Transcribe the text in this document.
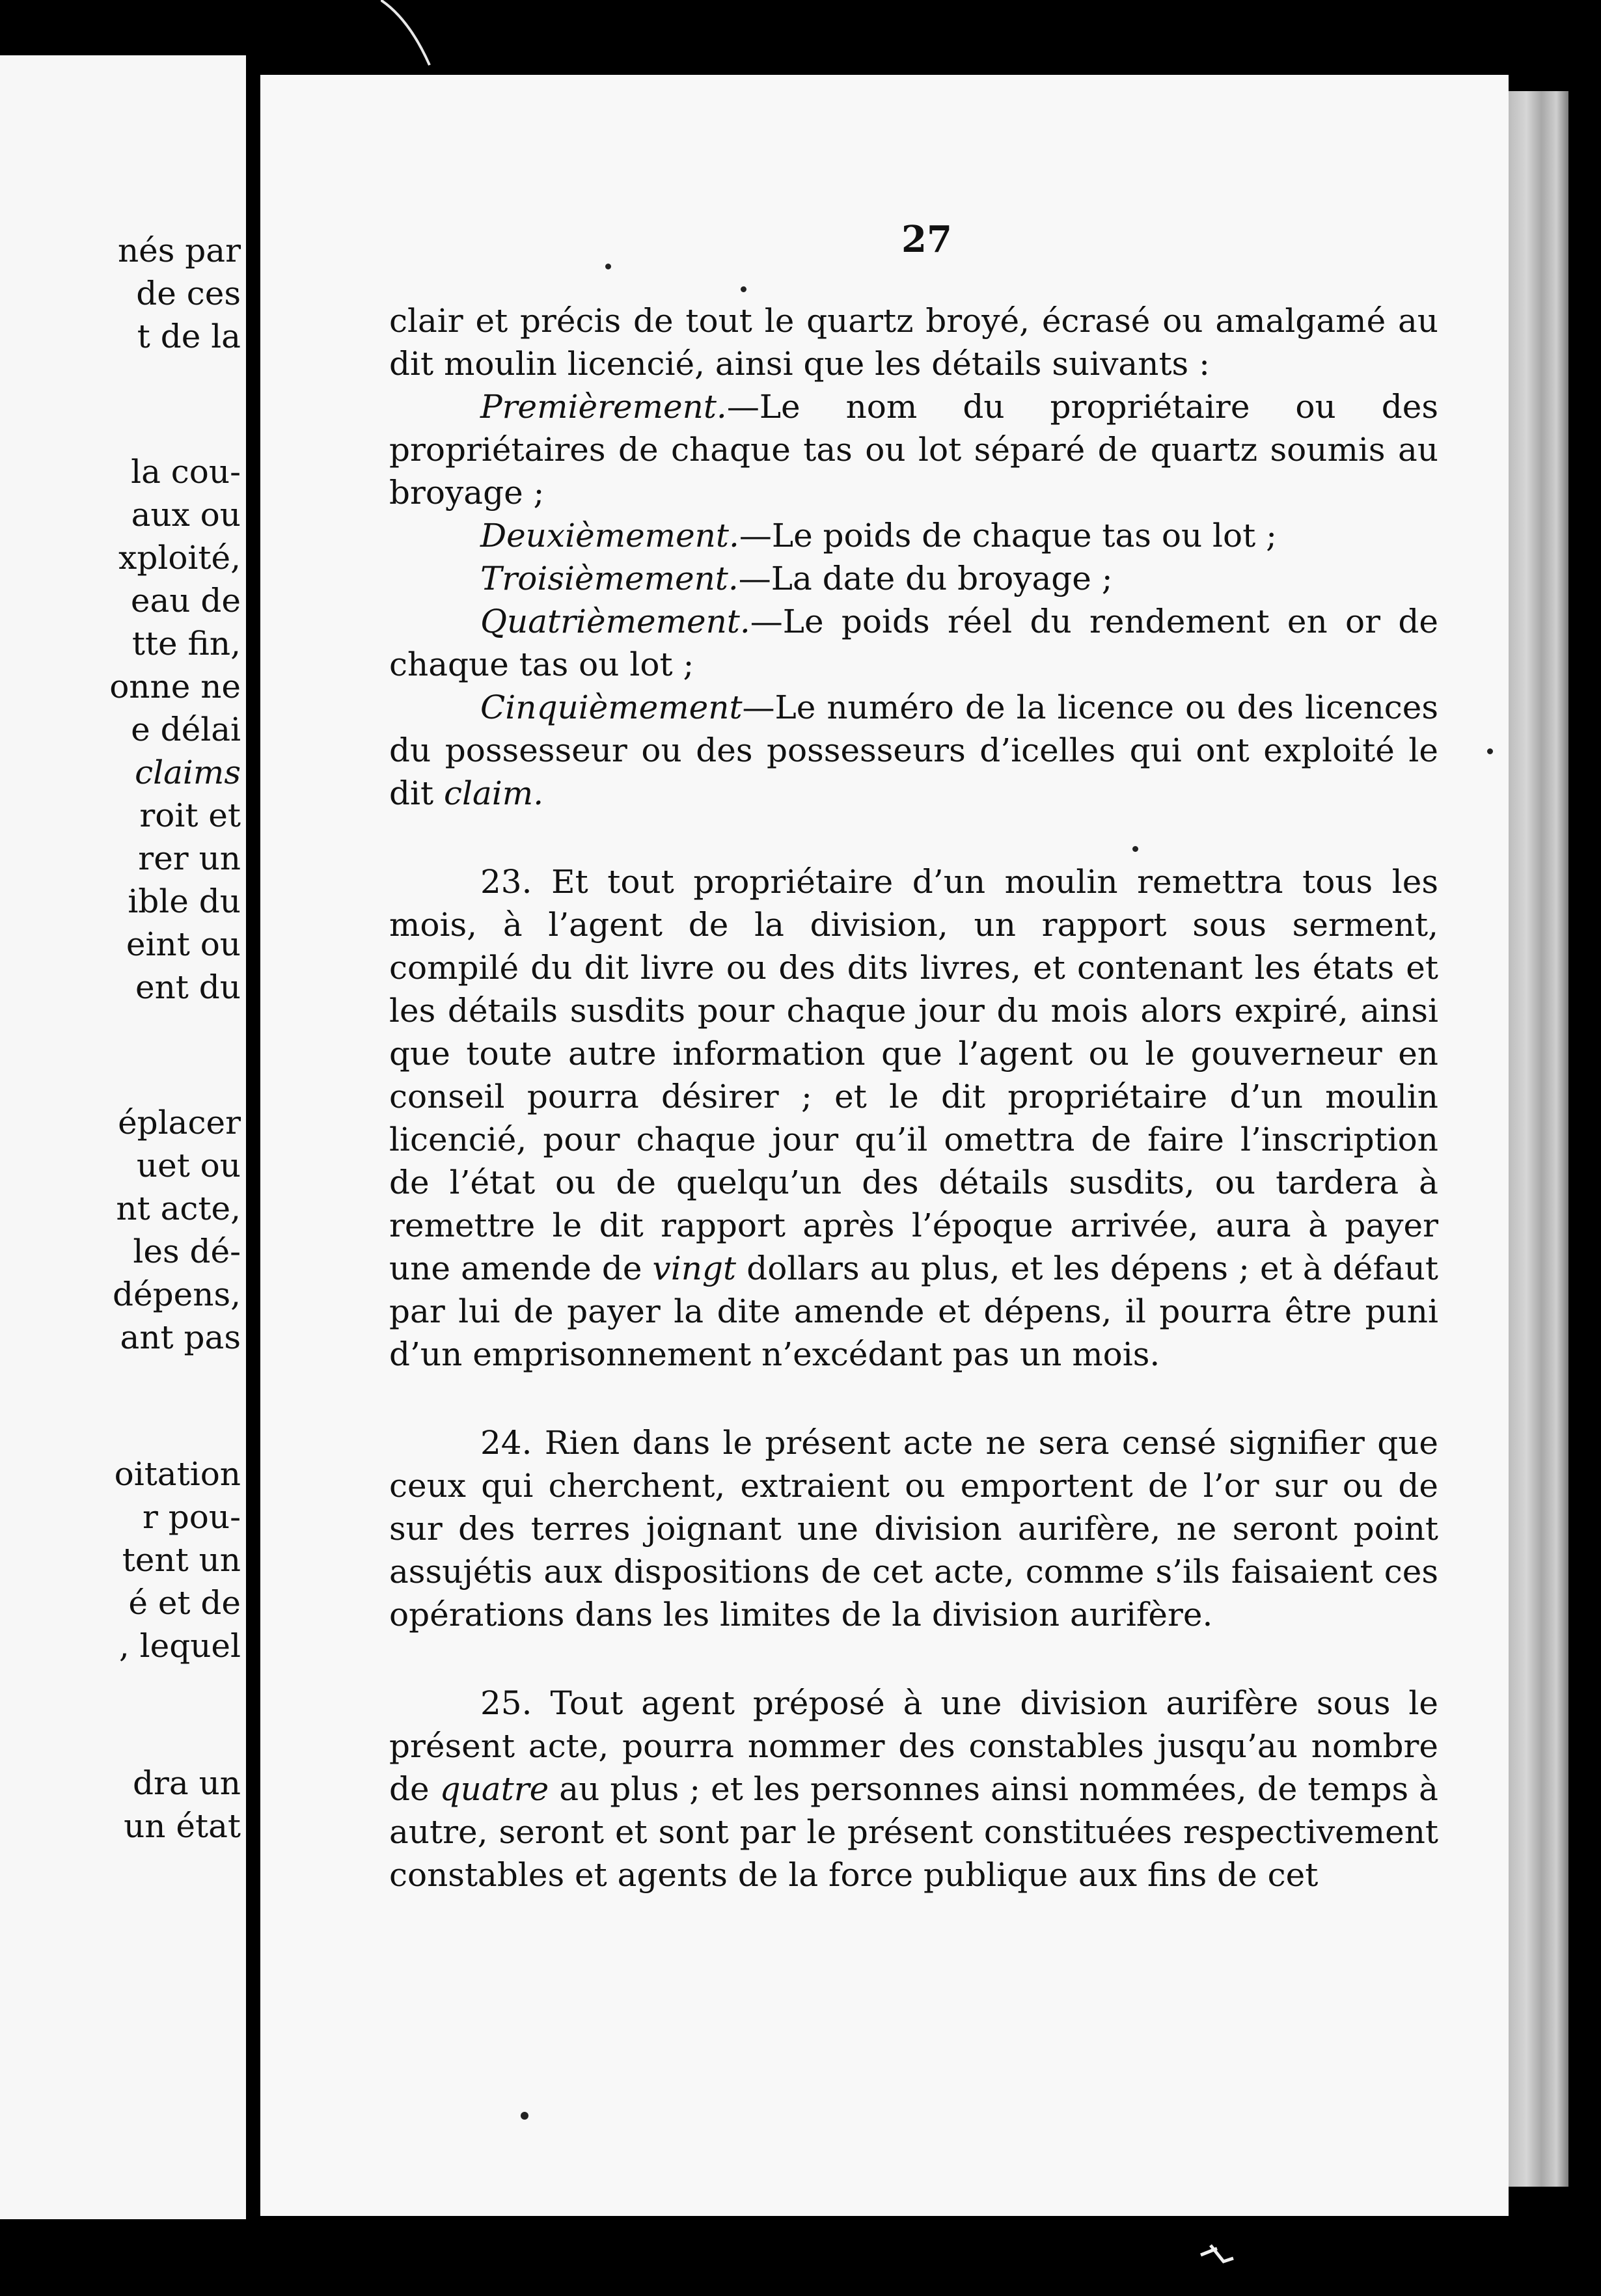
nés par
de ces
t de la
la cou-
aux ou
xploité,
eau de
tte fin,
onne ne
e délai
claims
roit et
rer un
ible du
eint ou
ent du
éplacer
uet ou
nt acte,
les dé-
dépens,
ant pas
oitation
r pou-
tent un
é et de
, lequel
dra un
un état
27

clair et précis de tout le quartz broyé, écrasé ou amalgamé au dit moulin licencié, ainsi que les détails suivants :

Premièrement.—Le nom du propriétaire ou des propriétaires de chaque tas ou lot séparé de quartz soumis au broyage ;

Deuxièmement.—Le poids de chaque tas ou lot ;

Troisièmement.—La date du broyage ;

Quatrièmement.—Le poids réel du rendement en or de chaque tas ou lot ;

Cinquièmement—Le numéro de la licence ou des licences du possesseur ou des possesseurs d’icelles qui ont exploité le dit claim.

23. Et tout propriétaire d’un moulin remettra tous les mois, à l’agent de la division, un rapport sous serment, compilé du dit livre ou des dits livres, et contenant les états et les détails susdits pour chaque jour du mois alors expiré, ainsi que toute autre information que l’agent ou le gouverneur en conseil pourra désirer ; et le dit propriétaire d’un moulin licencié, pour chaque jour qu’il omettra de faire l’inscription de l’état ou de quelqu’un des détails susdits, ou tardera à remettre le dit rapport après l’époque arrivée, aura à payer une amende de vingt dollars au plus, et les dépens ; et à défaut par lui de payer la dite amende et dépens, il pourra être puni d’un emprisonnement n’excédant pas un mois.

24. Rien dans le présent acte ne sera censé signifier que ceux qui cherchent, extraient ou emportent de l’or sur ou de sur des terres joignant une division aurifère, ne seront point assujétis aux dispositions de cet acte, comme s’ils faisaient ces opérations dans les limites de la division aurifère.

25. Tout agent préposé à une division aurifère sous le présent acte, pourra nommer des constables jusqu’au nombre de quatre au plus ; et les personnes ainsi nommées, de temps à autre, seront et sont par le présent constituées respectivement constables et agents de la force publique aux fins de cet
